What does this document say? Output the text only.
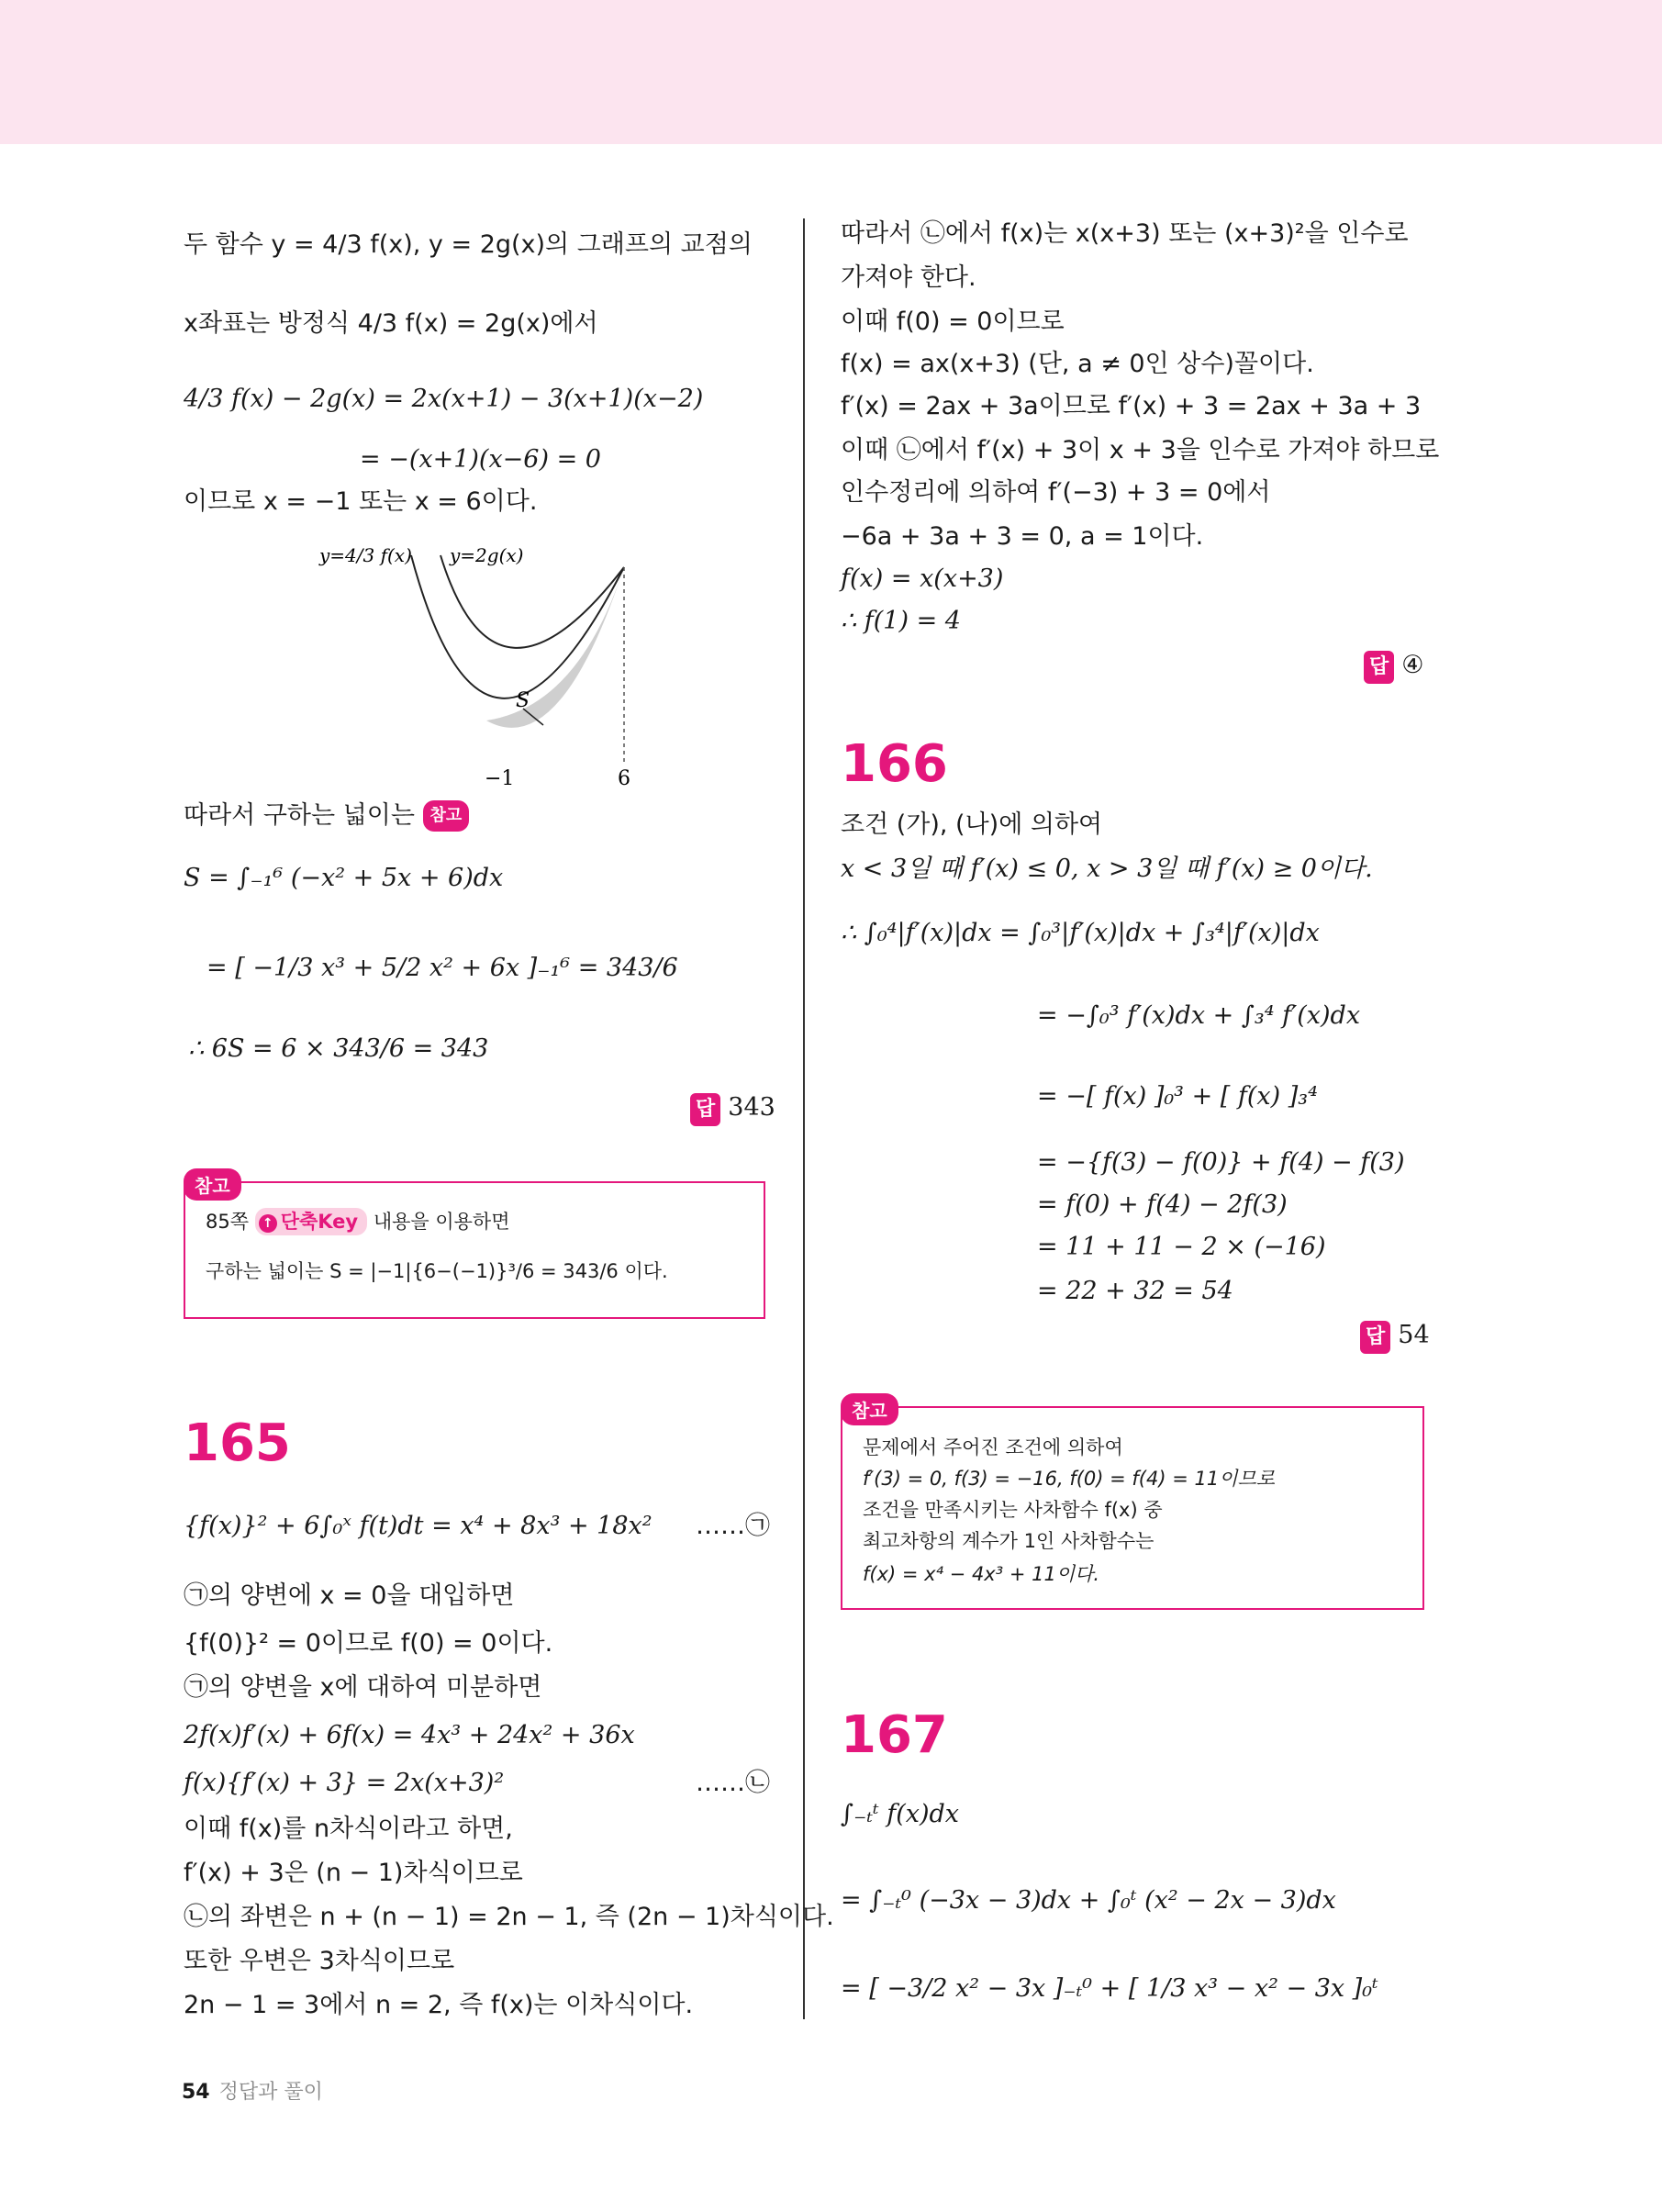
두 함수 y = 4/3 f(x), y = 2g(x)의 그래프의 교점의
x좌표는 방정식 4/3 f(x) = 2g(x)에서
4/3 f(x) − 2g(x) = 2x(x+1) − 3(x+1)(x−2)
= −(x+1)(x−6) = 0
이므로 x = −1 또는 x = 6이다.
y=4/3 f(x) y=2g(x)
S
−1	6
따라서 구하는 넓이는 참고
S = ∫₋₁⁶ (−x² + 5x + 6)dx
= [ −1/3 x³ + 5/2 x² + 6x ]₋₁⁶ = 343/6
∴ 6S = 6 × 343/6 = 343
답 343
참고
85쪽 ↑ 단축Key 내용을 이용하면
구하는 넓이는 S = |−1|{6−(−1)}³/6 = 343/6 이다.
165
{f(x)}² + 6∫₀ˣ f(t)dt = x⁴ + 8x³ + 18x² ……㉠
㉠의 양변에 x = 0을 대입하면
{f(0)}² = 0이므로 f(0) = 0이다.
㉠의 양변을 x에 대하여 미분하면
2f(x)f′(x) + 6f(x) = 4x³ + 24x² + 36x
f(x){f′(x) + 3} = 2x(x+3)²	……㉡
이때 f(x)를 n차식이라고 하면,
f′(x) + 3은 (n − 1)차식이므로
㉡의 좌변은 n + (n − 1) = 2n − 1, 즉 (2n − 1)차식이다.
또한 우변은 3차식이므로
2n − 1 = 3에서 n = 2, 즉 f(x)는 이차식이다.
따라서 ㉡에서 f(x)는 x(x+3) 또는 (x+3)²을 인수로
가져야 한다.
이때 f(0) = 0이므로
f(x) = ax(x+3) (단, a ≠ 0인 상수)꼴이다.
f′(x) = 2ax + 3a이므로 f′(x) + 3 = 2ax + 3a + 3
이때 ㉡에서 f′(x) + 3이 x + 3을 인수로 가져야 하므로
인수정리에 의하여 f′(−3) + 3 = 0에서
−6a + 3a + 3 = 0, a = 1이다.
f(x) = x(x+3)
∴ f(1) = 4
답 ④
166
조건 (가), (나)에 의하여
x < 3일 때 f′(x) ≤ 0, x > 3일 때 f′(x) ≥ 0이다.
∴ ∫₀⁴|f′(x)|dx = ∫₀³|f′(x)|dx + ∫₃⁴|f′(x)|dx
= −∫₀³ f′(x)dx + ∫₃⁴ f′(x)dx
= −[ f(x) ]₀³ + [ f(x) ]₃⁴
= −{f(3) − f(0)} + f(4) − f(3)
= f(0) + f(4) − 2f(3)
= 11 + 11 − 2 × (−16)
= 22 + 32 = 54
답 54
참고
문제에서 주어진 조건에 의하여
f′(3) = 0, f(3) = −16, f(0) = f(4) = 11이므로
조건을 만족시키는 사차함수 f(x) 중
최고차항의 계수가 1인 사차함수는
f(x) = x⁴ − 4x³ + 11이다.
167
∫₋ₜᵗ f(x)dx
= ∫₋ₜ⁰ (−3x − 3)dx + ∫₀ᵗ (x² − 2x − 3)dx
= [ −3/2 x² − 3x ]₋ₜ⁰ + [ 1/3 x³ − x² − 3x ]₀ᵗ
54 정답과 풀이
